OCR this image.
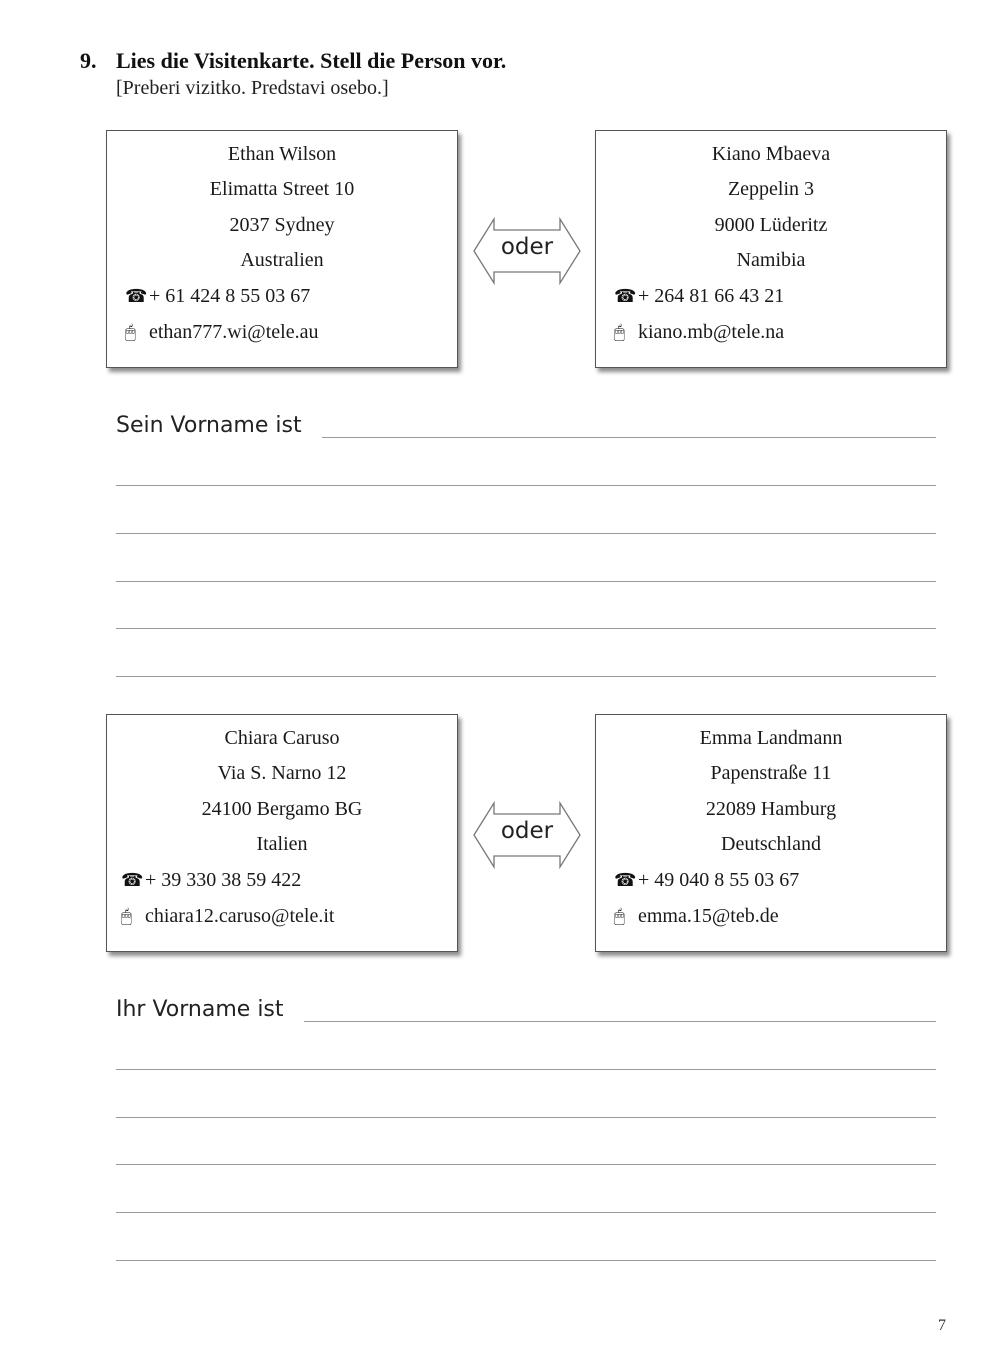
9. Lies die Visitenkarte. Stell die Person vor.

[Preberi vizitko. Predstavi osebo.]

Ethan Wilson
Elimatta Street 10
2037 Sydney
Australien
☎+ 61 424 8 55 03 67
🖱 ethan777.wi@tele.au
oder
Kiano Mbaeva
Zeppelin 3
9000 Lüderitz
Namibia
☎+ 264 81 66 43 21
🖱 kiano.mb@tele.na
Sein Vorname ist
Chiara Caruso
Via S. Narno 12
24100 Bergamo BG
Italien
☎+ 39 330 38 59 422
🖱 chiara12.caruso@tele.it
oder
Emma Landmann
Papenstraße 11
22089 Hamburg
Deutschland
☎+ 49 040 8 55 03 67
🖱 emma.15@teb.de
Ihr Vorname ist
7
